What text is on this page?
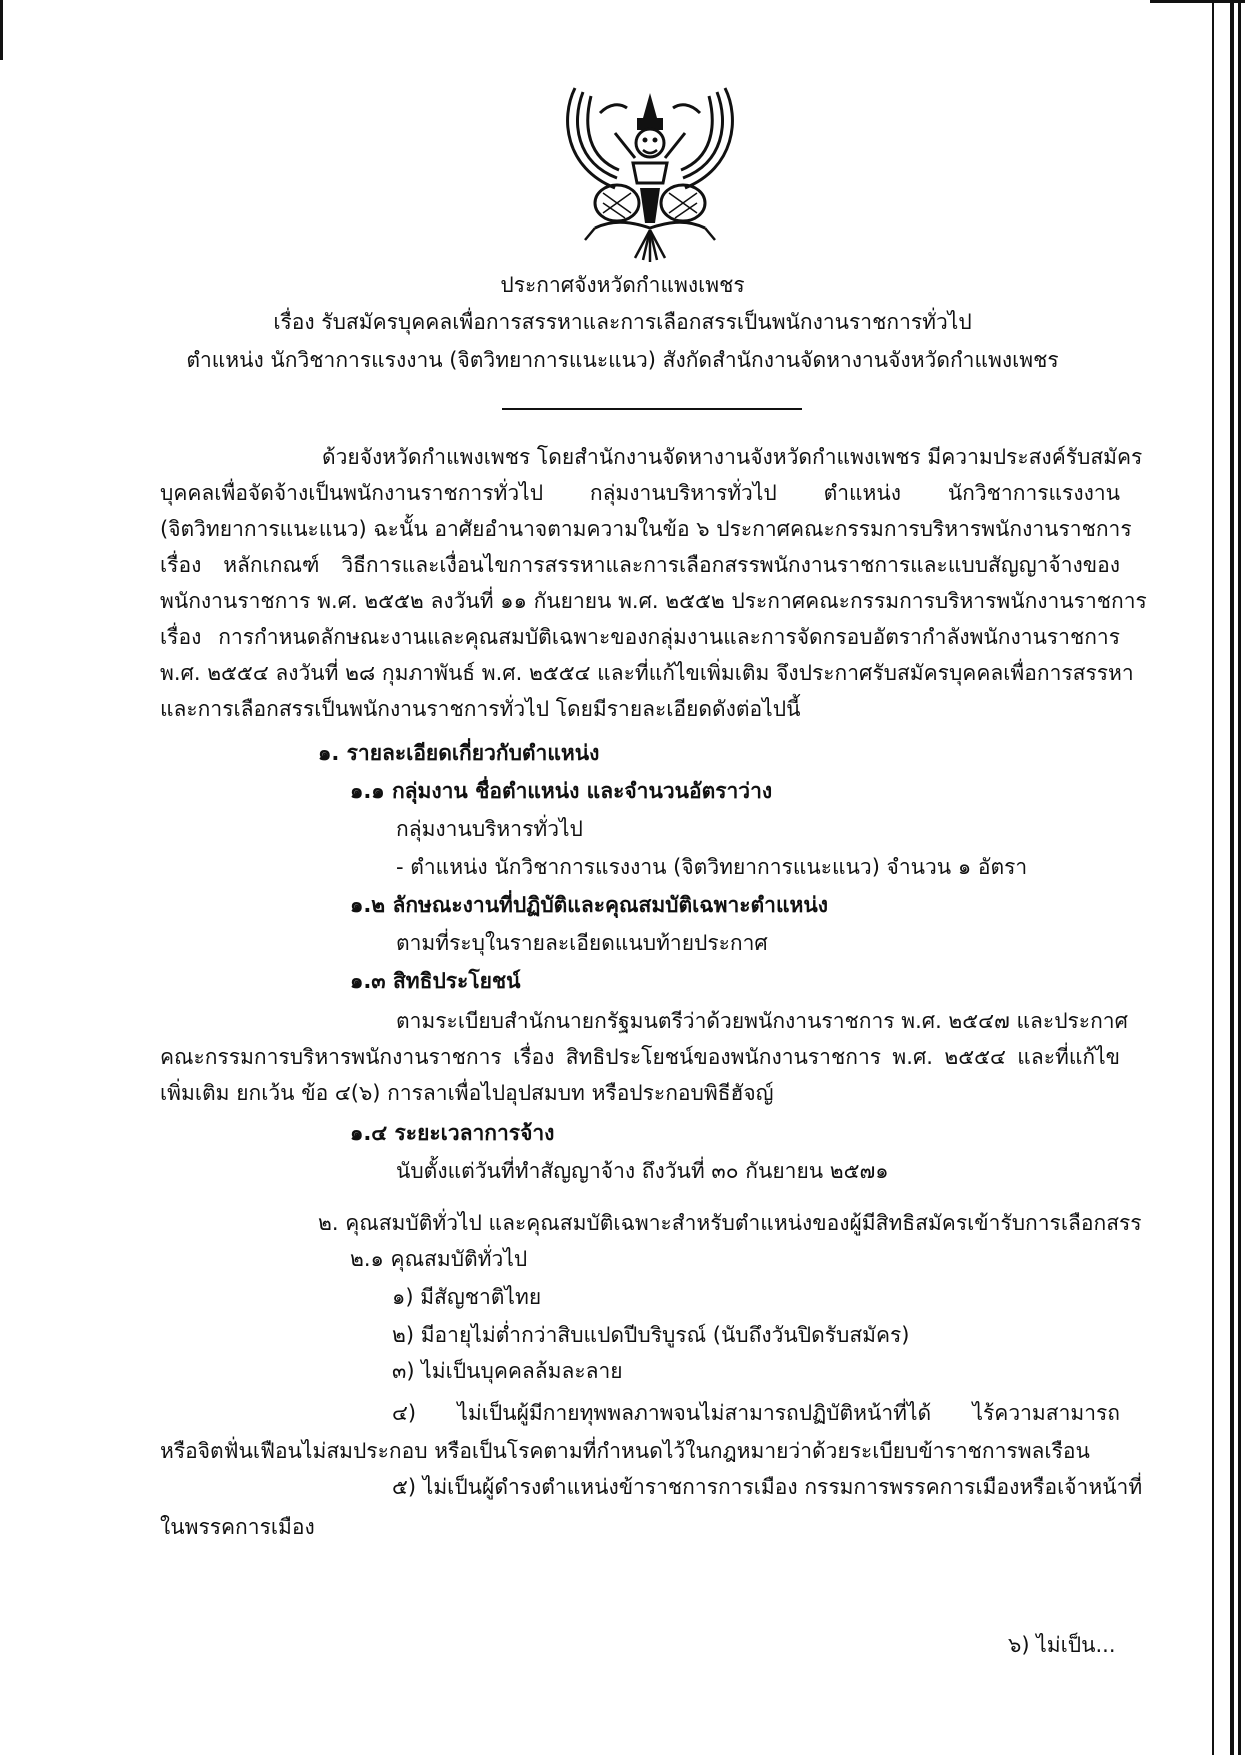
ประกาศจังหวัดกำแพงเพชร
เรื่อง รับสมัครบุคคลเพื่อการสรรหาและการเลือกสรรเป็นพนักงานราชการทั่วไป
ตำแหน่ง นักวิชาการแรงงาน (จิตวิทยาการแนะแนว) สังกัดสำนักงานจัดหางานจังหวัดกำแพงเพชร
ด้วยจังหวัดกำแพงเพชร โดยสำนักงานจัดหางานจังหวัดกำแพงเพชร มีความประสงค์รับสมัคร
บุคคลเพื่อจัดจ้างเป็นพนักงานราชการทั่วไป กลุ่มงานบริหารทั่วไป ตำแหน่ง นักวิชาการแรงงาน
(จิตวิทยาการแนะแนว) ฉะนั้น อาศัยอำนาจตามความในข้อ ๖ ประกาศคณะกรรมการบริหารพนักงานราชการ
เรื่อง หลักเกณฑ์ วิธีการและเงื่อนไขการสรรหาและการเลือกสรรพนักงานราชการและแบบสัญญาจ้างของ
พนักงานราชการ พ.ศ. ๒๕๕๒ ลงวันที่ ๑๑ กันยายน พ.ศ. ๒๕๕๒ ประกาศคณะกรรมการบริหารพนักงานราชการ
เรื่อง การกำหนดลักษณะงานและคุณสมบัติเฉพาะของกลุ่มงานและการจัดกรอบอัตรากำลังพนักงานราชการ
พ.ศ. ๒๕๕๔ ลงวันที่ ๒๘ กุมภาพันธ์ พ.ศ. ๒๕๕๔ และที่แก้ไขเพิ่มเติม จึงประกาศรับสมัครบุคคลเพื่อการสรรหา
และการเลือกสรรเป็นพนักงานราชการทั่วไป โดยมีรายละเอียดดังต่อไปนี้
๑. รายละเอียดเกี่ยวกับตำแหน่ง
๑.๑ กลุ่มงาน ชื่อตำแหน่ง และจำนวนอัตราว่าง
กลุ่มงานบริหารทั่วไป
- ตำแหน่ง นักวิชาการแรงงาน (จิตวิทยาการแนะแนว) จำนวน ๑ อัตรา
๑.๒ ลักษณะงานที่ปฏิบัติและคุณสมบัติเฉพาะตำแหน่ง
ตามที่ระบุในรายละเอียดแนบท้ายประกาศ
๑.๓ สิทธิประโยชน์
ตามระเบียบสำนักนายกรัฐมนตรีว่าด้วยพนักงานราชการ พ.ศ. ๒๕๔๗ และประกาศ
คณะกรรมการบริหารพนักงานราชการ เรื่อง สิทธิประโยชน์ของพนักงานราชการ พ.ศ. ๒๕๕๔ และที่แก้ไข
เพิ่มเติม ยกเว้น ข้อ ๔(๖) การลาเพื่อไปอุปสมบท หรือประกอบพิธีฮัจญ์
๑.๔ ระยะเวลาการจ้าง
นับตั้งแต่วันที่ทำสัญญาจ้าง ถึงวันที่ ๓๐ กันยายน ๒๕๗๑
๒. คุณสมบัติทั่วไป และคุณสมบัติเฉพาะสำหรับตำแหน่งของผู้มีสิทธิสมัครเข้ารับการเลือกสรร
๒.๑ คุณสมบัติทั่วไป
๑) มีสัญชาติไทย
๒) มีอายุไม่ต่ำกว่าสิบแปดปีบริบูรณ์ (นับถึงวันปิดรับสมัคร)
๓) ไม่เป็นบุคคลล้มละลาย
๔) ไม่เป็นผู้มีกายทุพพลภาพจนไม่สามารถปฏิบัติหน้าที่ได้ ไร้ความสามารถ
หรือจิตฟั่นเฟือนไม่สมประกอบ หรือเป็นโรคตามที่กำหนดไว้ในกฎหมายว่าด้วยระเบียบข้าราชการพลเรือน
๕) ไม่เป็นผู้ดำรงตำแหน่งข้าราชการการเมือง กรรมการพรรคการเมืองหรือเจ้าหน้าที่
ในพรรคการเมือง
๖) ไม่เป็น...
